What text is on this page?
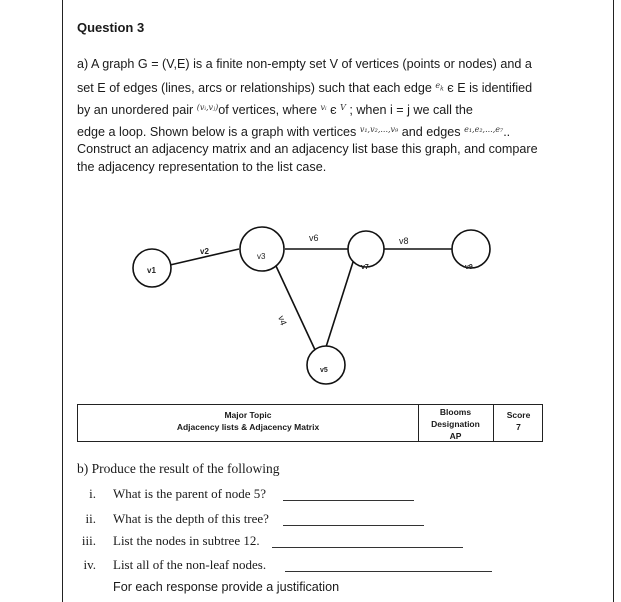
Question 3
a) A graph G = (V,E) is a finite non-empty set V of vertices (points or nodes) and a
set E of edges (lines, arcs or relationships) such that each edge $^{e_k}$ є E is identified
by an unordered pair $^{(vᵢ,vⱼ)}$of vertices, where $^{vᵢ}$ є $^V$ ; when i = j we call the
edge a loop. Shown below is a graph with vertices $^{v_1,v_2,...,v_9}$ and edges $^{e_1,e_2,...,e_7}$..
Construct an adjacency matrix and an adjacency list base this graph, and compare
the adjacency representation to the list case.
v1
v2
v3
v6
v7
v8
v9
v4
v5
Major Topic
Adjacency lists & Adjacency Matrix
Blooms
Designation
AP
Score
7
b) Produce the result of the following
i. What is the parent of node 5?
ii. What is the depth of this tree?
iii. List the nodes in subtree 12.
iv. List all of the non-leaf nodes.
For each response provide a justification
